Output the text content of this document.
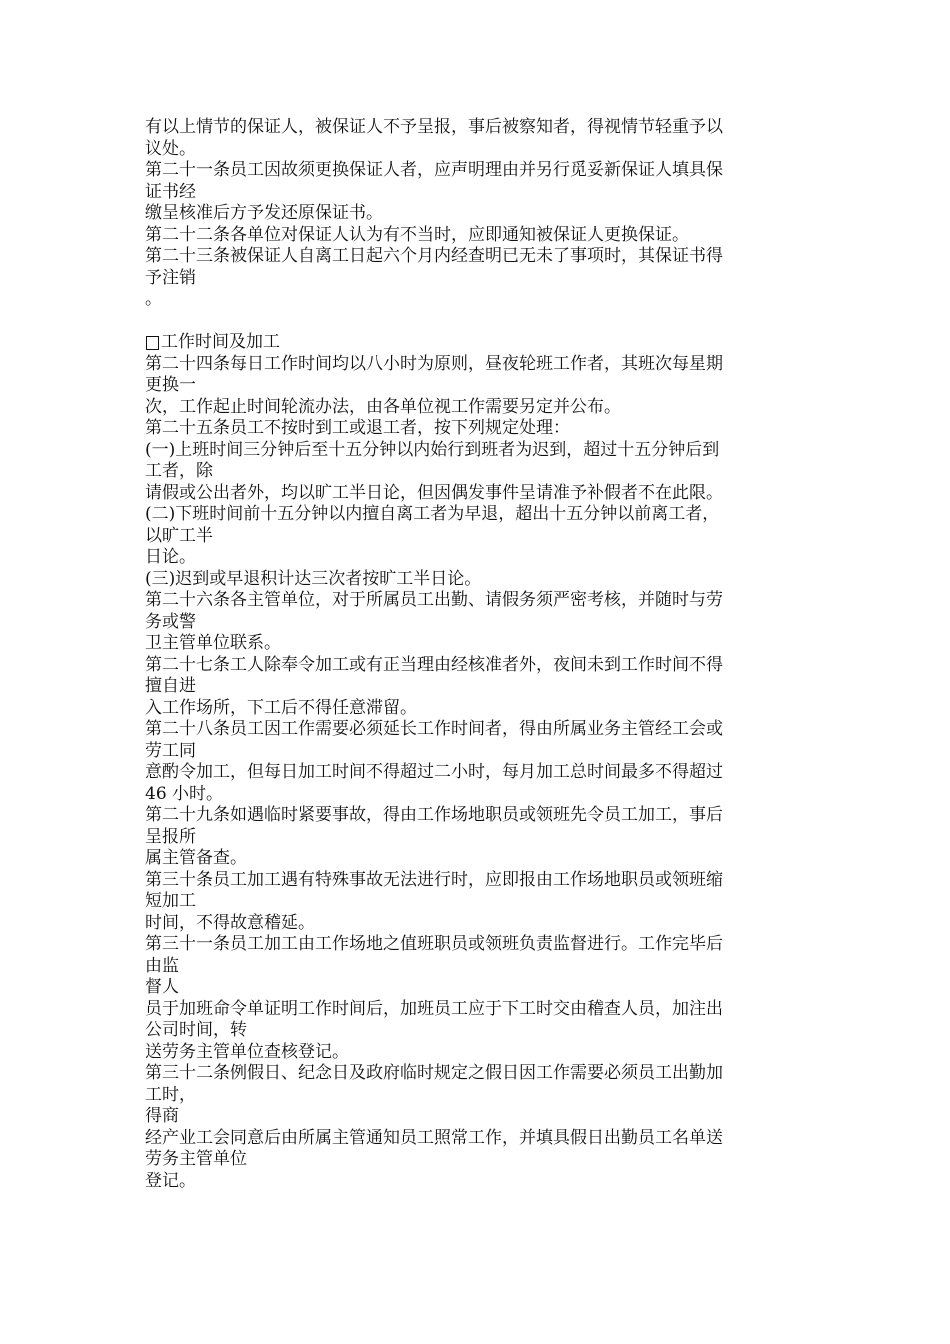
有以上情节的保证人，被保证人不予呈报，事后被察知者，得视情节轻重予以
议处。
第二十一条员工因故须更换保证人者，应声明理由并另行觅妥新保证人填具保
证书经
缴呈核准后方予发还原保证书。
第二十二条各单位对保证人认为有不当时，应即通知被保证人更换保证。
第二十三条被保证人自离工日起六个月内经查明已无未了事项时，其保证书得
予注销
。
工作时间及加工
第二十四条每日工作时间均以八小时为原则，昼夜轮班工作者，其班次每星期
更换一
次，工作起止时间轮流办法，由各单位视工作需要另定并公布。
第二十五条员工不按时到工或退工者，按下列规定处理：
(一)上班时间三分钟后至十五分钟以内始行到班者为迟到，超过十五分钟后到
工者，除
请假或公出者外，均以旷工半日论，但因偶发事件呈请准予补假者不在此限。
(二)下班时间前十五分钟以内擅自离工者为早退，超出十五分钟以前离工者，
以旷工半
日论。
(三)迟到或早退积计达三次者按旷工半日论。
第二十六条各主管单位，对于所属员工出勤、请假务须严密考核，并随时与劳
务或警
卫主管单位联系。
第二十七条工人除奉令加工或有正当理由经核准者外，夜间未到工作时间不得
擅自进
入工作场所，下工后不得任意滞留。
第二十八条员工因工作需要必须延长工作时间者，得由所属业务主管经工会或
劳工同
意酌令加工，但每日加工时间不得超过二小时，每月加工总时间最多不得超过
46 小时。
第二十九条如遇临时紧要事故，得由工作场地职员或领班先令员工加工，事后
呈报所
属主管备查。
第三十条员工加工遇有特殊事故无法进行时，应即报由工作场地职员或领班缩
短加工
时间，不得故意稽延。
第三十一条员工加工由工作场地之值班职员或领班负责监督进行。工作完毕后
由监
督人
员于加班命令单证明工作时间后，加班员工应于下工时交由稽查人员，加注出
公司时间，转
送劳务主管单位查核登记。
第三十二条例假日、纪念日及政府临时规定之假日因工作需要必须员工出勤加
工时，
得商
经产业工会同意后由所属主管通知员工照常工作，并填具假日出勤员工名单送
劳务主管单位
登记。
